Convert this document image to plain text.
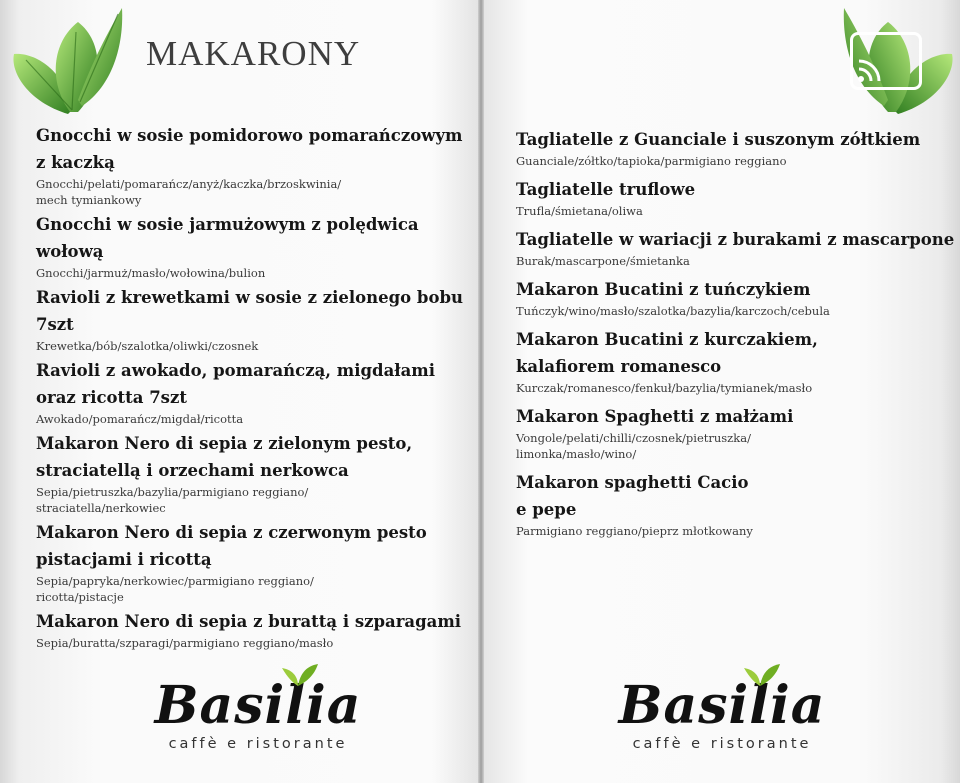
MAKARONY
Gnocchi w sosie pomidorowo pomarańczowym
z kaczką
Gnocchi/pelati/pomarańcz/anyż/kaczka/brzoskwinia/
mech tymiankowy
Gnocchi w sosie jarmużowym z polędwica wołową
Gnocchi/jarmuż/masło/wołowina/bulion
Ravioli z krewetkami w sosie z zielonego bobu 7szt
Krewetka/bób/szalotka/oliwki/czosnek
Ravioli z awokado, pomarańczą, migdałami
oraz ricotta 7szt
Awokado/pomarańcz/migdał/ricotta
Makaron Nero di sepia z zielonym pesto,
straciatellą i orzechami nerkowca
Sepia/pietruszka/bazylia/parmigiano reggiano/
straciatella/nerkowiec
Makaron Nero di sepia z czerwonym pesto
pistacjami i ricottą
Sepia/papryka/nerkowiec/parmigiano reggiano/
ricotta/pistacje
Makaron Nero di sepia z burattą i szparagami
Sepia/buratta/szparagi/parmigiano reggiano/masło
Basilia
caffè e ristorante
Tagliatelle z Guanciale i suszonym zółtkiem
Guanciale/zółtko/tapioka/parmigiano reggiano
Tagliatelle truflowe
Trufla/śmietana/oliwa
Tagliatelle w wariacji z burakami z mascarpone
Burak/mascarpone/śmietanka
Makaron Bucatini z tuńczykiem
Tuńczyk/wino/masło/szalotka/bazylia/karczoch/cebula
Makaron Bucatini z kurczakiem,
kalafiorem romanesco
Kurczak/romanesco/fenkuł/bazylia/tymianek/masło
Makaron Spaghetti z małżami
Vongole/pelati/chilli/czosnek/pietruszka/
limonka/masło/wino/
Makaron spaghetti Cacio
e pepe
Parmigiano reggiano/pieprz młotkowany
Basilia
caffè e ristorante
